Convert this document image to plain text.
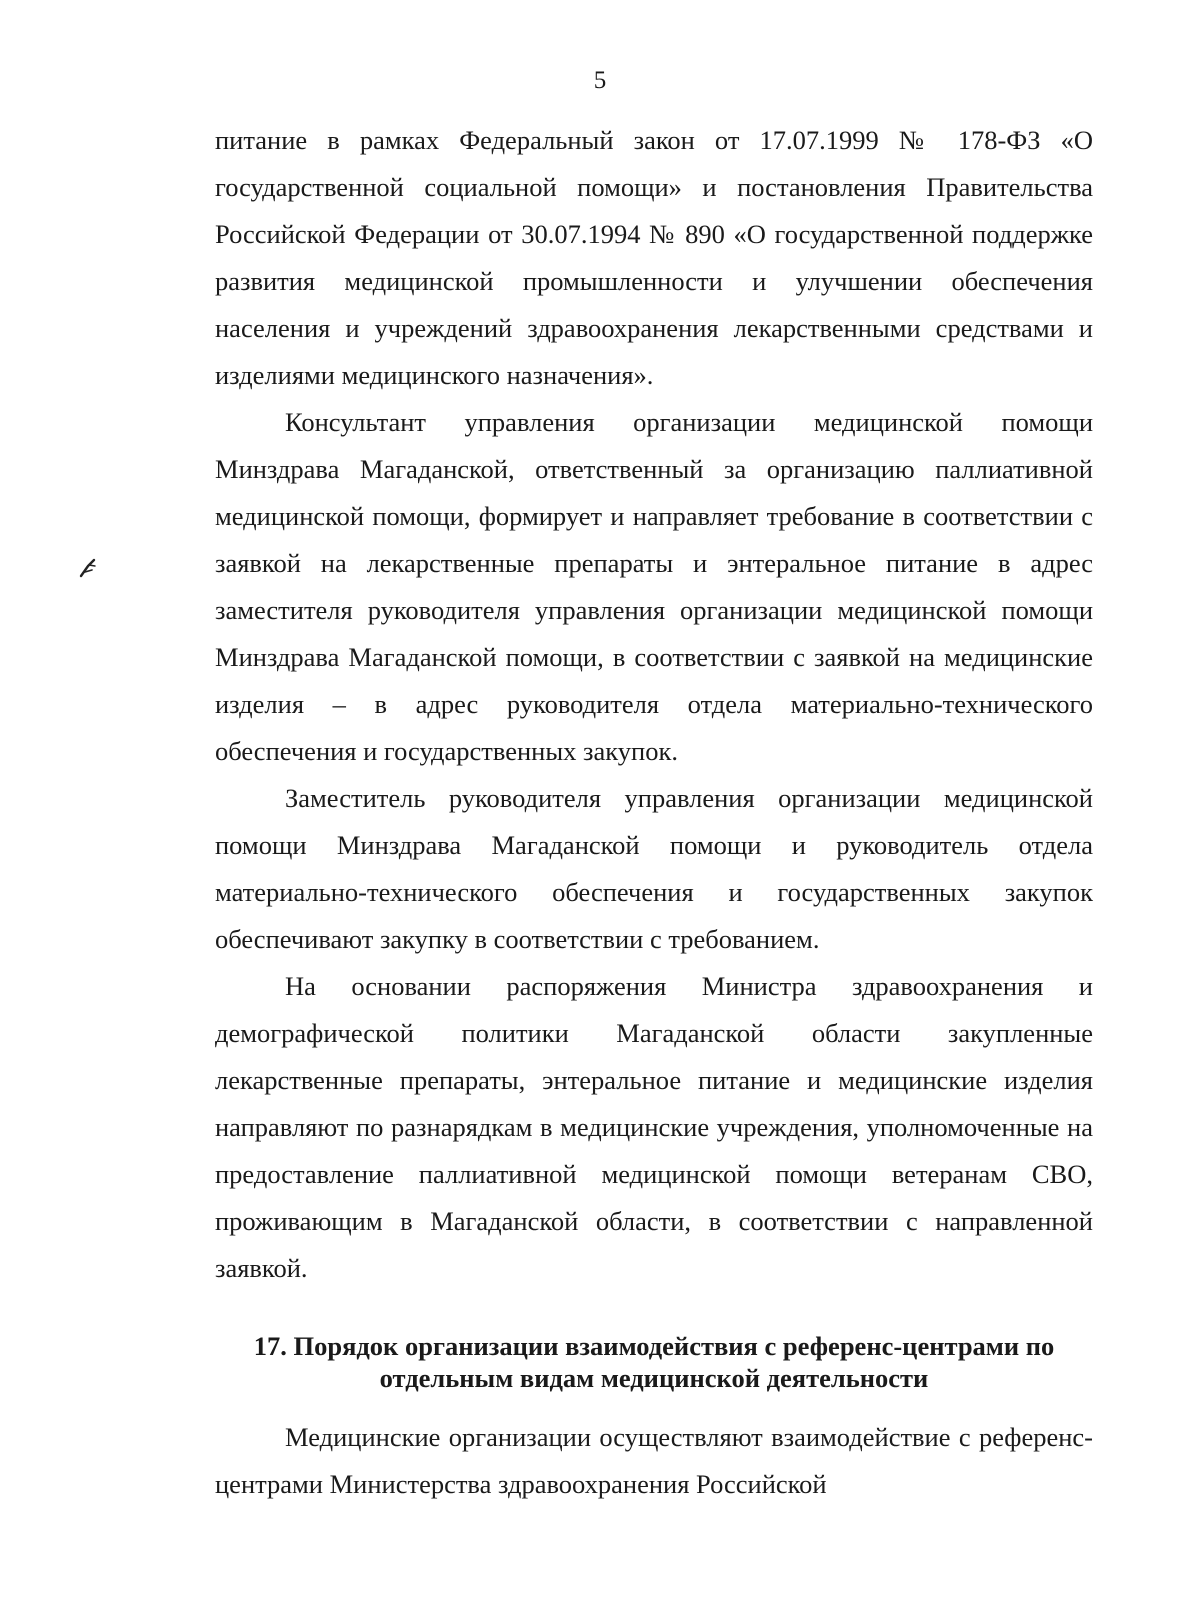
5

питание в рамках Федеральный закон от 17.07.1999 № 178-ФЗ «О государственной социальной помощи» и постановления Правительства Российской Федерации от 30.07.1994 № 890 «О государственной поддержке развития медицинской промышленности и улучшении обеспечения населения и учреждений здравоохранения лекарственными средствами и изделиями медицинского назначения».

Консультант управления организации медицинской помощи Минздрава Магаданской, ответственный за организацию паллиативной медицинской помощи, формирует и направляет требование в соответствии с заявкой на лекарственные препараты и энтеральное питание в адрес заместителя руководителя управления организации медицинской помощи Минздрава Магаданской помощи, в соответствии с заявкой на медицинские изделия – в адрес руководителя отдела материально-технического обеспечения и государственных закупок.

Заместитель руководителя управления организации медицинской помощи Минздрава Магаданской помощи и руководитель отдела материально-технического обеспечения и государственных закупок обеспечивают закупку в соответствии с требованием.

На основании распоряжения Министра здравоохранения и демографической политики Магаданской области закупленные лекарственные препараты, энтеральное питание и медицинские изделия направляют по разнарядкам в медицинские учреждения, уполномоченные на предоставление паллиативной медицинской помощи ветеранам СВО, проживающим в Магаданской области, в соответствии с направленной заявкой.

17. Порядок организации взаимодействия с референс-центрами по отдельным видам медицинской деятельности

Медицинские организации осуществляют взаимодействие с референс-центрами Министерства здравоохранения Российской
